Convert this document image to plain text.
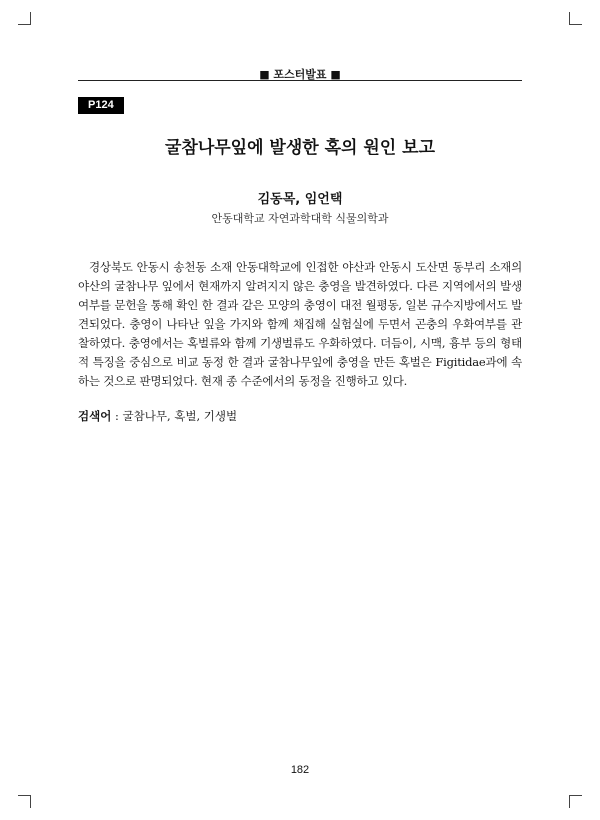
■ 포스터발표 ■
P124
굴참나무잎에 발생한 혹의 원인 보고
김동목, 임언택
안동대학교 자연과학대학 식물의학과

경상북도 안동시 송천동 소재 안동대학교에 인접한 야산과 안동시 도산면 동부리 소재의 야산의 굴참나무 잎에서 현재까지 알려지지 않은 충영을 발견하였다. 다른 지역에서의 발생 여부를 문헌을 통해 확인 한 결과 같은 모양의 충영이 대전 월평동, 일본 규수지방에서도 발견되었다. 충영이 나타난 잎을 가지와 함께 채집해 실험실에 두면서 곤충의 우화여부를 관찰하였다. 충영에서는 혹벌류와 함께 기생벌류도 우화하였다. 더듬이, 시맥, 흉부 등의 형태적 특징을 중심으로 비교 동정 한 결과 굴참나무잎에 충영을 만든 혹벌은 Figitidae과에 속하는 것으로 판명되었다. 현재 종 수준에서의 동정을 진행하고 있다.

검색어 : 굴참나무, 혹벌, 기생벌
182
